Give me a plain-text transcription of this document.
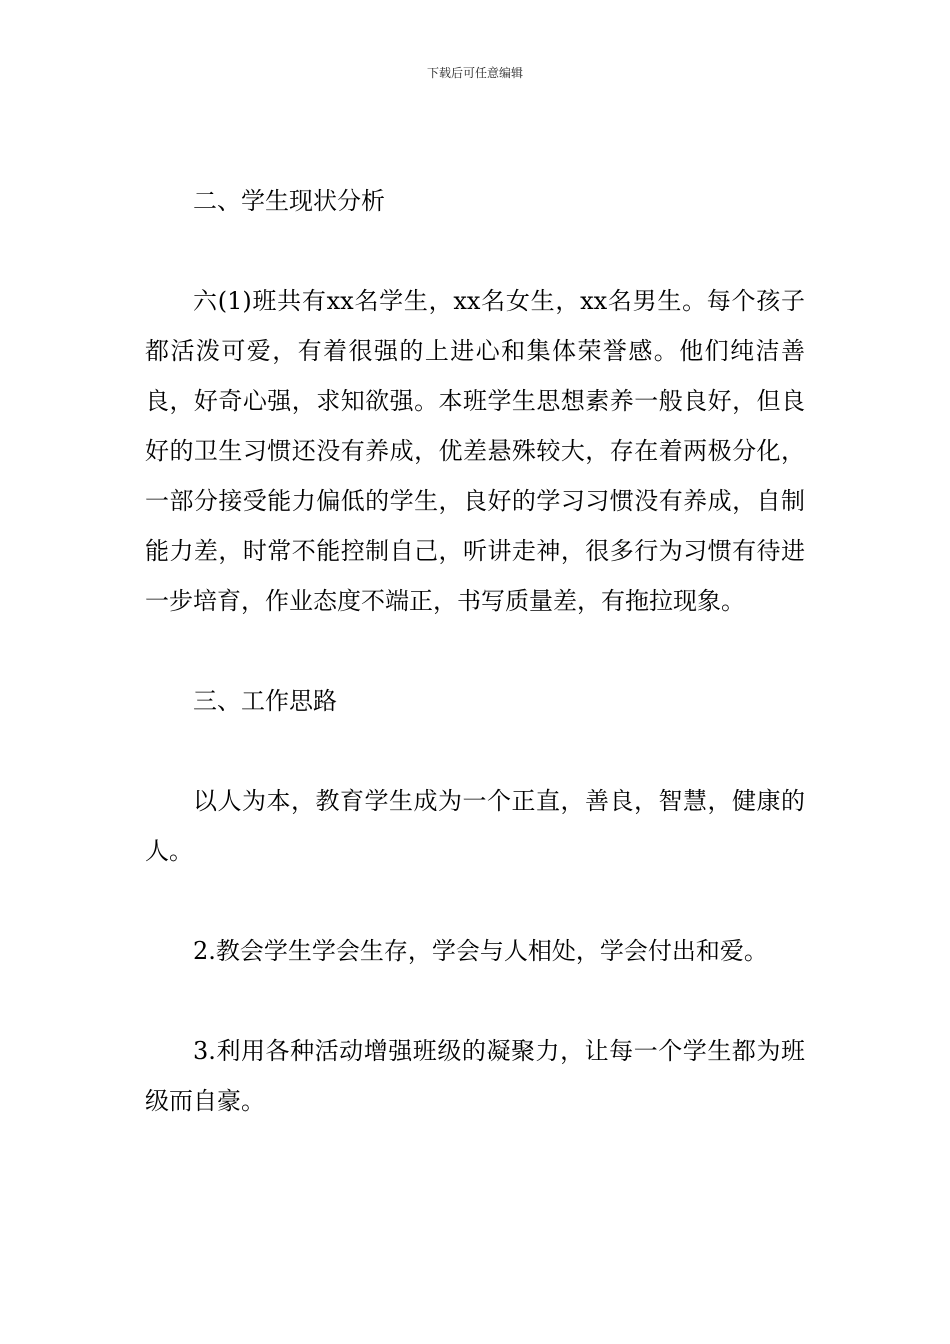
下载后可任意编辑

二、学生现状分析

六(1)班共有xx名学生，xx名女生，xx名男生。每个孩子都活泼可爱，有着很强的上进心和集体荣誉感。他们纯洁善良，好奇心强，求知欲强。本班学生思想素养一般良好，但良好的卫生习惯还没有养成，优差悬殊较大，存在着两极分化，一部分接受能力偏低的学生，良好的学习习惯没有养成，自制能力差，时常不能控制自己，听讲走神，很多行为习惯有待进一步培育，作业态度不端正，书写质量差，有拖拉现象。

三、工作思路

以人为本，教育学生成为一个正直，善良，智慧，健康的人。

2.教会学生学会生存，学会与人相处，学会付出和爱。

3.利用各种活动增强班级的凝聚力，让每一个学生都为班级而自豪。
